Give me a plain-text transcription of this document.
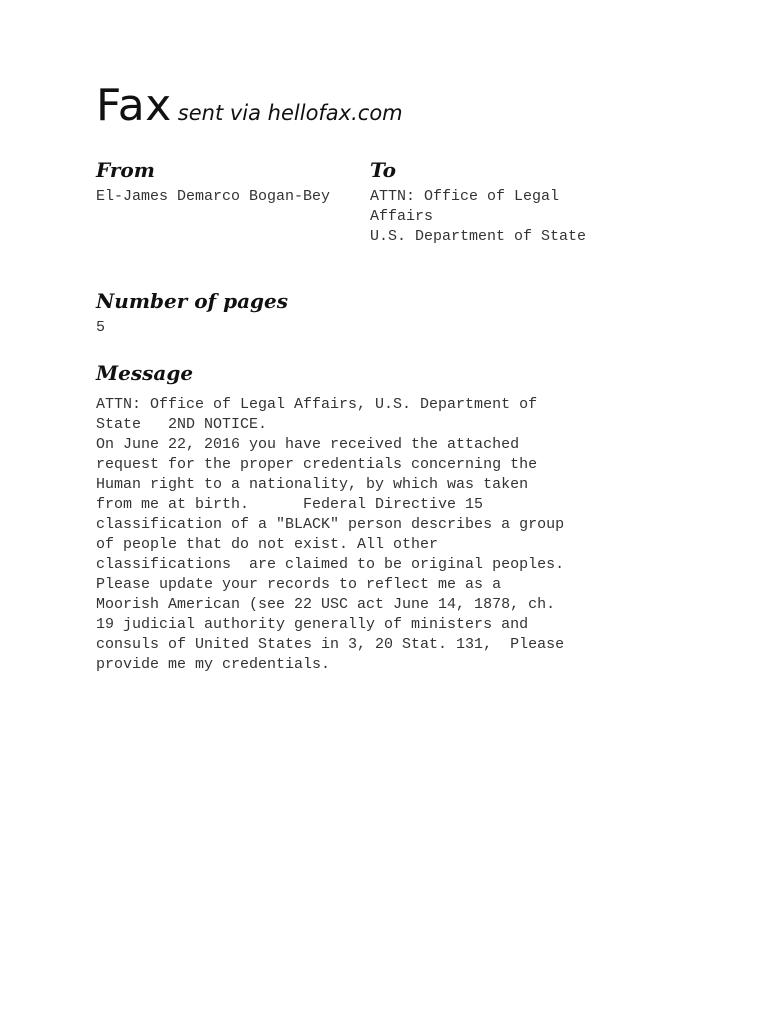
Fax sent via hellofax.com
From	To
El-James Demarco Bogan-Bey	ATTN: Office of Legal
Affairs
U.S. Department of State
Number of pages
5
Message
ATTN: Office of Legal Affairs, U.S. Department of
State   2ND NOTICE.
On June 22, 2016 you have received the attached
request for the proper credentials concerning the
Human right to a nationality, by which was taken
from me at birth.      Federal Directive 15
classification of a "BLACK" person describes a group
of people that do not exist. All other
classifications  are claimed to be original peoples.
Please update your records to reflect me as a
Moorish American (see 22 USC act June 14, 1878, ch.
19 judicial authority generally of ministers and
consuls of United States in 3, 20 Stat. 131,  Please
provide me my credentials.
